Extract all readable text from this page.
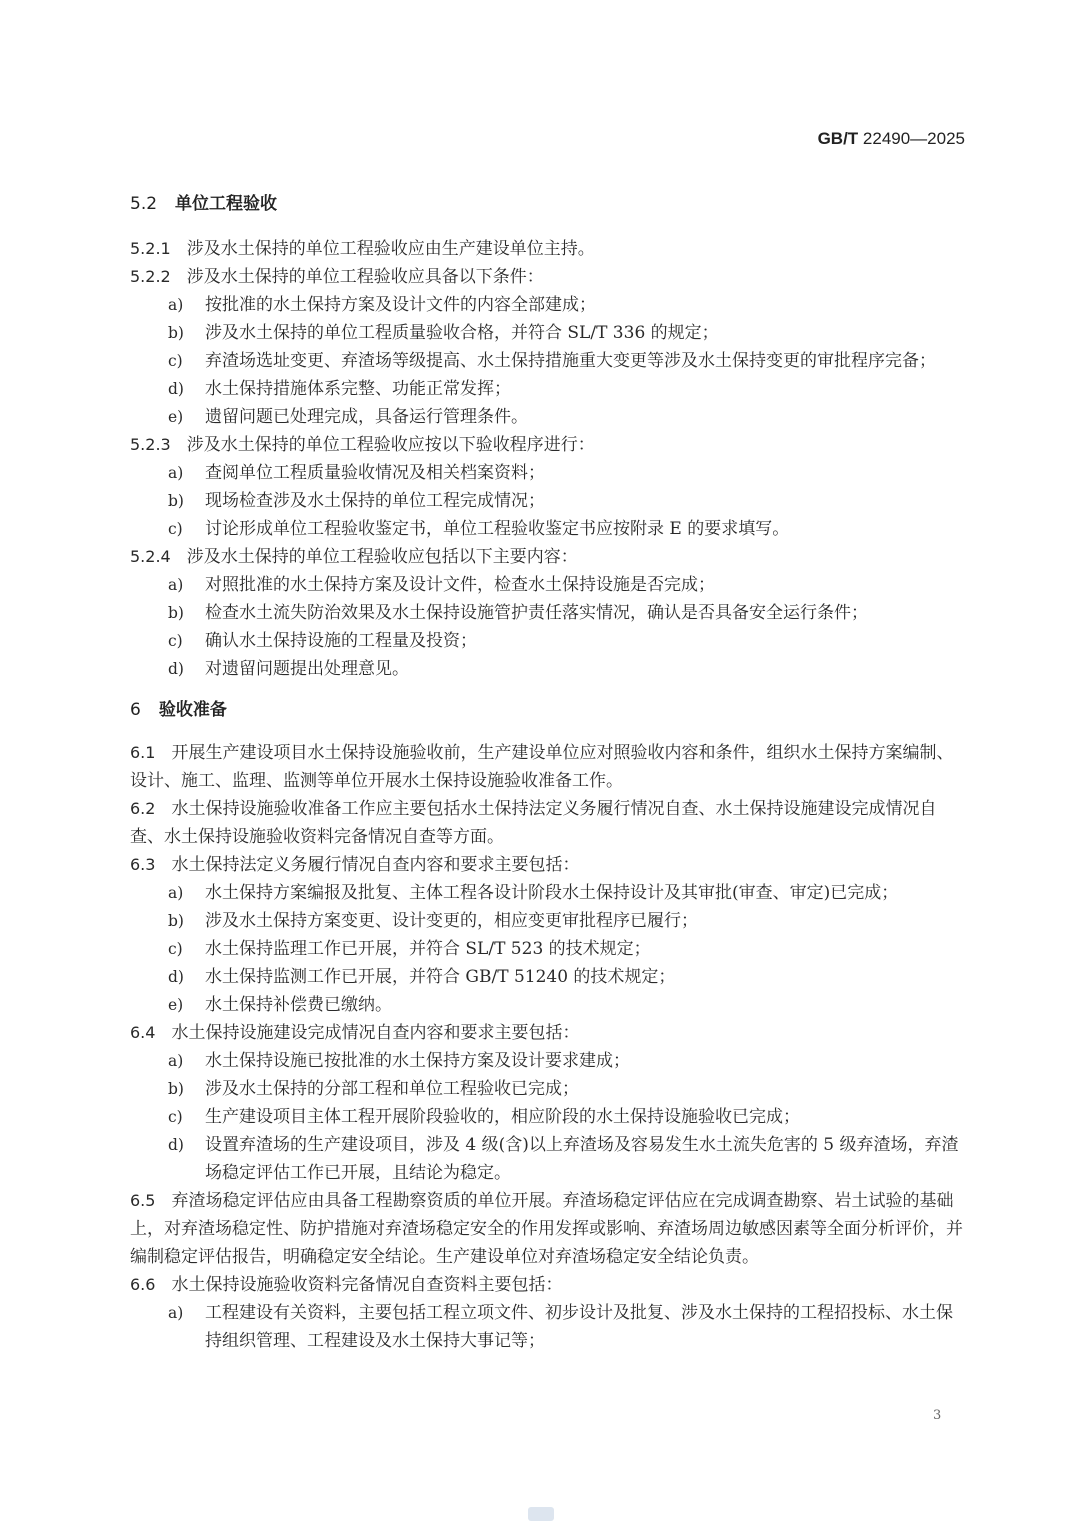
GB/T 22490—2025
5.2 单位工程验收
5.2.1 涉及水土保持的单位工程验收应由生产建设单位主持。
5.2.2 涉及水土保持的单位工程验收应具备以下条件：
a) 按批准的水土保持方案及设计文件的内容全部建成；
b) 涉及水土保持的单位工程质量验收合格，并符合 SL/T 336 的规定；
c) 弃渣场选址变更、弃渣场等级提高、水土保持措施重大变更等涉及水土保持变更的审批程序完备；
d) 水土保持措施体系完整、功能正常发挥；
e) 遗留问题已处理完成，具备运行管理条件。
5.2.3 涉及水土保持的单位工程验收应按以下验收程序进行：
a) 查阅单位工程质量验收情况及相关档案资料；
b) 现场检查涉及水土保持的单位工程完成情况；
c) 讨论形成单位工程验收鉴定书，单位工程验收鉴定书应按附录 E 的要求填写。
5.2.4 涉及水土保持的单位工程验收应包括以下主要内容：
a) 对照批准的水土保持方案及设计文件，检查水土保持设施是否完成；
b) 检查水土流失防治效果及水土保持设施管护责任落实情况，确认是否具备安全运行条件；
c) 确认水土保持设施的工程量及投资；
d) 对遗留问题提出处理意见。
6 验收准备
6.1 开展生产建设项目水土保持设施验收前，生产建设单位应对照验收内容和条件，组织水土保持方案编制、设计、施工、监理、监测等单位开展水土保持设施验收准备工作。
6.2 水土保持设施验收准备工作应主要包括水土保持法定义务履行情况自查、水土保持设施建设完成情况自查、水土保持设施验收资料完备情况自查等方面。
6.3 水土保持法定义务履行情况自查内容和要求主要包括：
a) 水土保持方案编报及批复、主体工程各设计阶段水土保持设计及其审批(审查、审定)已完成；
b) 涉及水土保持方案变更、设计变更的，相应变更审批程序已履行；
c) 水土保持监理工作已开展，并符合 SL/T 523 的技术规定；
d) 水土保持监测工作已开展，并符合 GB/T 51240 的技术规定；
e) 水土保持补偿费已缴纳。
6.4 水土保持设施建设完成情况自查内容和要求主要包括：
a) 水土保持设施已按批准的水土保持方案及设计要求建成；
b) 涉及水土保持的分部工程和单位工程验收已完成；
c) 生产建设项目主体工程开展阶段验收的，相应阶段的水土保持设施验收已完成；
d) 设置弃渣场的生产建设项目，涉及 4 级(含)以上弃渣场及容易发生水土流失危害的 5 级弃渣场，弃渣场稳定评估工作已开展，且结论为稳定。
6.5 弃渣场稳定评估应由具备工程勘察资质的单位开展。弃渣场稳定评估应在完成调查勘察、岩土试验的基础上，对弃渣场稳定性、防护措施对弃渣场稳定安全的作用发挥或影响、弃渣场周边敏感因素等全面分析评价，并编制稳定评估报告，明确稳定安全结论。生产建设单位对弃渣场稳定安全结论负责。
6.6 水土保持设施验收资料完备情况自查资料主要包括：
a) 工程建设有关资料，主要包括工程立项文件、初步设计及批复、涉及水土保持的工程招投标、水土保持组织管理、工程建设及水土保持大事记等；
3
